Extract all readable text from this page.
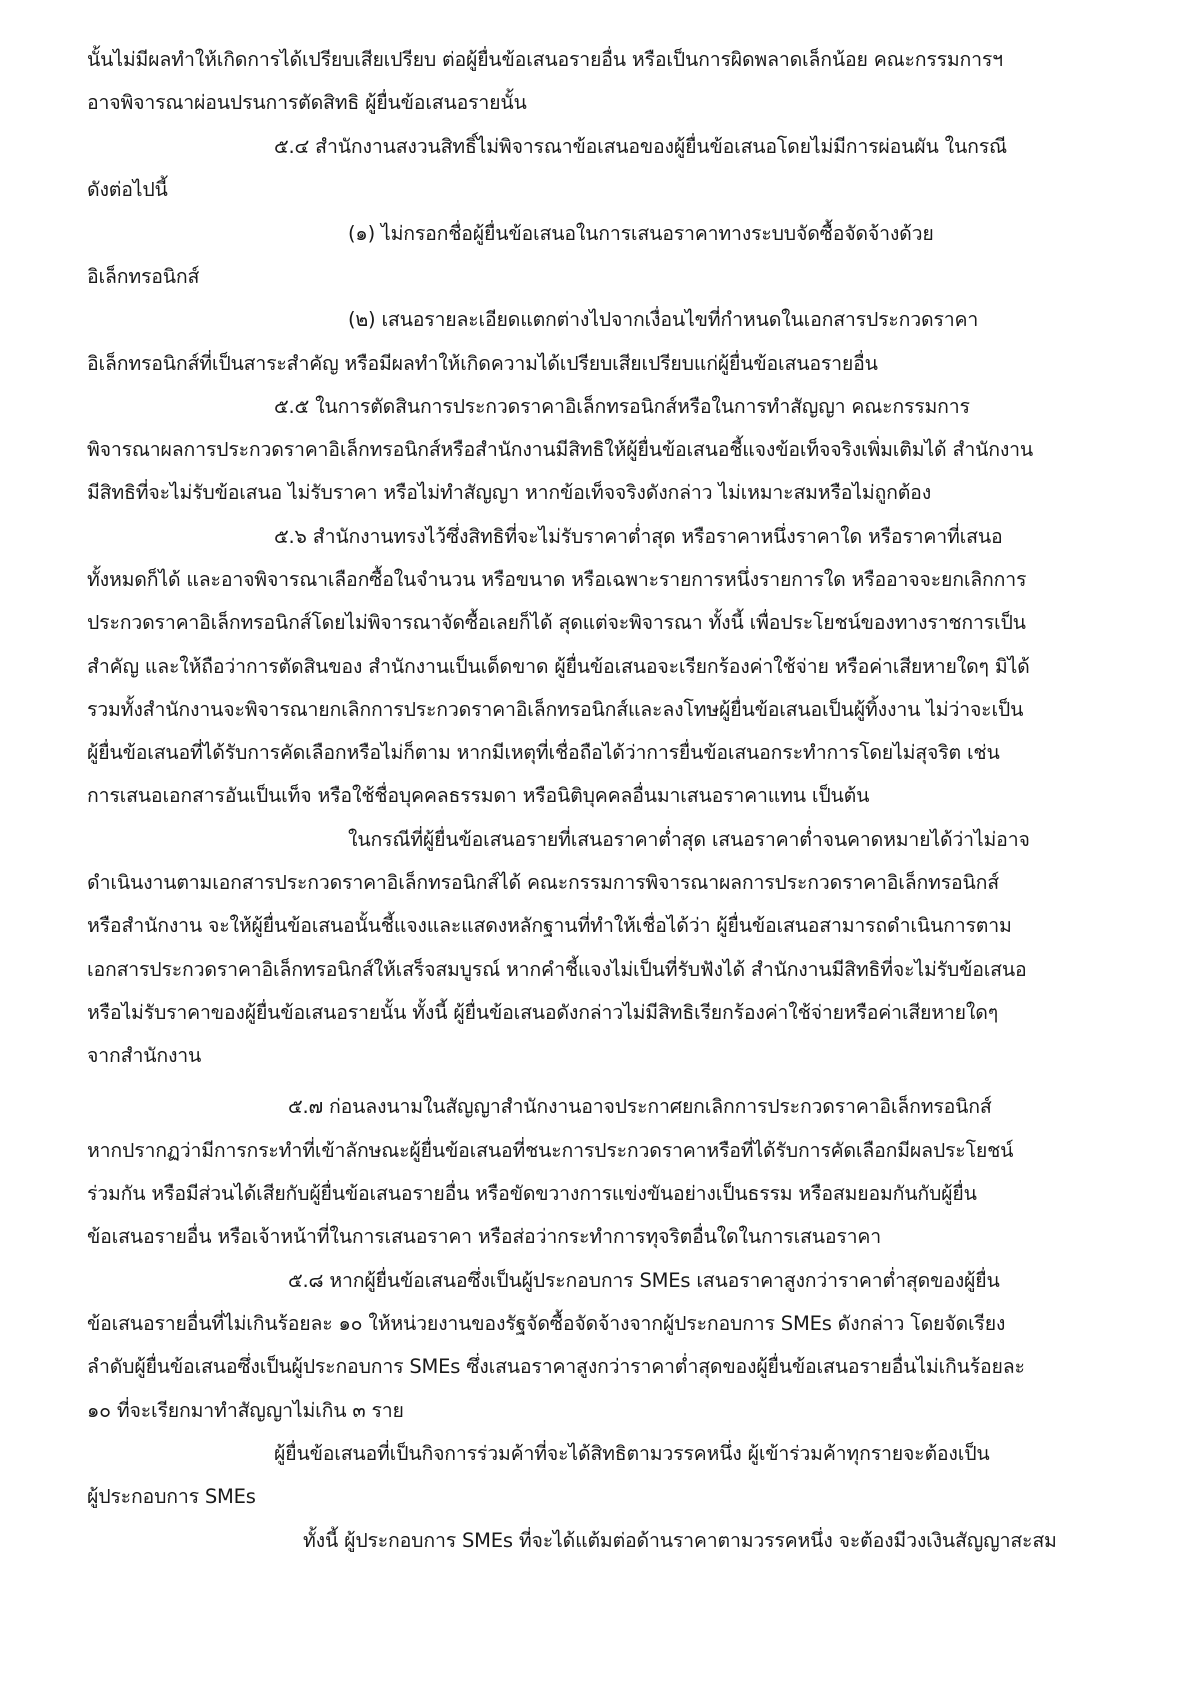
นั้นไม่มีผลทำให้เกิดการได้เปรียบเสียเปรียบ ต่อผู้ยื่นข้อเสนอรายอื่น หรือเป็นการผิดพลาดเล็กน้อย คณะกรรมการฯ

อาจพิจารณาผ่อนปรนการตัดสิทธิ ผู้ยื่นข้อเสนอรายนั้น

๕.๔ สำนักงานสงวนสิทธิ์ไม่พิจารณาข้อเสนอของผู้ยื่นข้อเสนอโดยไม่มีการผ่อนผัน ในกรณี

ดังต่อไปนี้

(๑) ไม่กรอกชื่อผู้ยื่นข้อเสนอในการเสนอราคาทางระบบจัดซื้อจัดจ้างด้วย

อิเล็กทรอนิกส์

(๒) เสนอรายละเอียดแตกต่างไปจากเงื่อนไขที่กำหนดในเอกสารประกวดราคา

อิเล็กทรอนิกส์ที่เป็นสาระสำคัญ หรือมีผลทำให้เกิดความได้เปรียบเสียเปรียบแก่ผู้ยื่นข้อเสนอรายอื่น

๕.๕ ในการตัดสินการประกวดราคาอิเล็กทรอนิกส์หรือในการทำสัญญา คณะกรรมการ

พิจารณาผลการประกวดราคาอิเล็กทรอนิกส์หรือสำนักงานมีสิทธิให้ผู้ยื่นข้อเสนอชี้แจงข้อเท็จจริงเพิ่มเติมได้ สำนักงาน

มีสิทธิที่จะไม่รับข้อเสนอ ไม่รับราคา หรือไม่ทำสัญญา หากข้อเท็จจริงดังกล่าว ไม่เหมาะสมหรือไม่ถูกต้อง

๕.๖ สำนักงานทรงไว้ซึ่งสิทธิที่จะไม่รับราคาต่ำสุด หรือราคาหนึ่งราคาใด หรือราคาที่เสนอ

ทั้งหมดก็ได้ และอาจพิจารณาเลือกซื้อในจำนวน หรือขนาด หรือเฉพาะรายการหนึ่งรายการใด หรืออาจจะยกเลิกการ

ประกวดราคาอิเล็กทรอนิกส์โดยไม่พิจารณาจัดซื้อเลยก็ได้ สุดแต่จะพิจารณา ทั้งนี้ เพื่อประโยชน์ของทางราชการเป็น

สำคัญ และให้ถือว่าการตัดสินของ สำนักงานเป็นเด็ดขาด ผู้ยื่นข้อเสนอจะเรียกร้องค่าใช้จ่าย หรือค่าเสียหายใดๆ มิได้

รวมทั้งสำนักงานจะพิจารณายกเลิกการประกวดราคาอิเล็กทรอนิกส์และลงโทษผู้ยื่นข้อเสนอเป็นผู้ทิ้งงาน ไม่ว่าจะเป็น

ผู้ยื่นข้อเสนอที่ได้รับการคัดเลือกหรือไม่ก็ตาม หากมีเหตุที่เชื่อถือได้ว่าการยื่นข้อเสนอกระทำการโดยไม่สุจริต เช่น

การเสนอเอกสารอันเป็นเท็จ หรือใช้ชื่อบุคคลธรรมดา หรือนิติบุคคลอื่นมาเสนอราคาแทน เป็นต้น

ในกรณีที่ผู้ยื่นข้อเสนอรายที่เสนอราคาต่ำสุด เสนอราคาต่ำจนคาดหมายได้ว่าไม่อาจ

ดำเนินงานตามเอกสารประกวดราคาอิเล็กทรอนิกส์ได้ คณะกรรมการพิจารณาผลการประกวดราคาอิเล็กทรอนิกส์

หรือสำนักงาน จะให้ผู้ยื่นข้อเสนอนั้นชี้แจงและแสดงหลักฐานที่ทำให้เชื่อได้ว่า ผู้ยื่นข้อเสนอสามารถดำเนินการตาม

เอกสารประกวดราคาอิเล็กทรอนิกส์ให้เสร็จสมบูรณ์ หากคำชี้แจงไม่เป็นที่รับฟังได้ สำนักงานมีสิทธิที่จะไม่รับข้อเสนอ

หรือไม่รับราคาของผู้ยื่นข้อเสนอรายนั้น ทั้งนี้ ผู้ยื่นข้อเสนอดังกล่าวไม่มีสิทธิเรียกร้องค่าใช้จ่ายหรือค่าเสียหายใดๆ

จากสำนักงาน

๕.๗ ก่อนลงนามในสัญญาสำนักงานอาจประกาศยกเลิกการประกวดราคาอิเล็กทรอนิกส์

หากปรากฏว่ามีการกระทำที่เข้าลักษณะผู้ยื่นข้อเสนอที่ชนะการประกวดราคาหรือที่ได้รับการคัดเลือกมีผลประโยชน์

ร่วมกัน หรือมีส่วนได้เสียกับผู้ยื่นข้อเสนอรายอื่น หรือขัดขวางการแข่งขันอย่างเป็นธรรม หรือสมยอมกันกับผู้ยื่น

ข้อเสนอรายอื่น หรือเจ้าหน้าที่ในการเสนอราคา หรือส่อว่ากระทำการทุจริตอื่นใดในการเสนอราคา

๕.๘ หากผู้ยื่นข้อเสนอซึ่งเป็นผู้ประกอบการ SMEs เสนอราคาสูงกว่าราคาต่ำสุดของผู้ยื่น

ข้อเสนอรายอื่นที่ไม่เกินร้อยละ ๑๐ ให้หน่วยงานของรัฐจัดซื้อจัดจ้างจากผู้ประกอบการ SMEs ดังกล่าว โดยจัดเรียง

ลำดับผู้ยื่นข้อเสนอซึ่งเป็นผู้ประกอบการ SMEs ซึ่งเสนอราคาสูงกว่าราคาต่ำสุดของผู้ยื่นข้อเสนอรายอื่นไม่เกินร้อยละ

๑๐ ที่จะเรียกมาทำสัญญาไม่เกิน ๓ ราย

ผู้ยื่นข้อเสนอที่เป็นกิจการร่วมค้าที่จะได้สิทธิตามวรรคหนึ่ง ผู้เข้าร่วมค้าทุกรายจะต้องเป็น

ผู้ประกอบการ SMEs

ทั้งนี้ ผู้ประกอบการ SMEs ที่จะได้แต้มต่อด้านราคาตามวรรคหนึ่ง จะต้องมีวงเงินสัญญาสะสม
